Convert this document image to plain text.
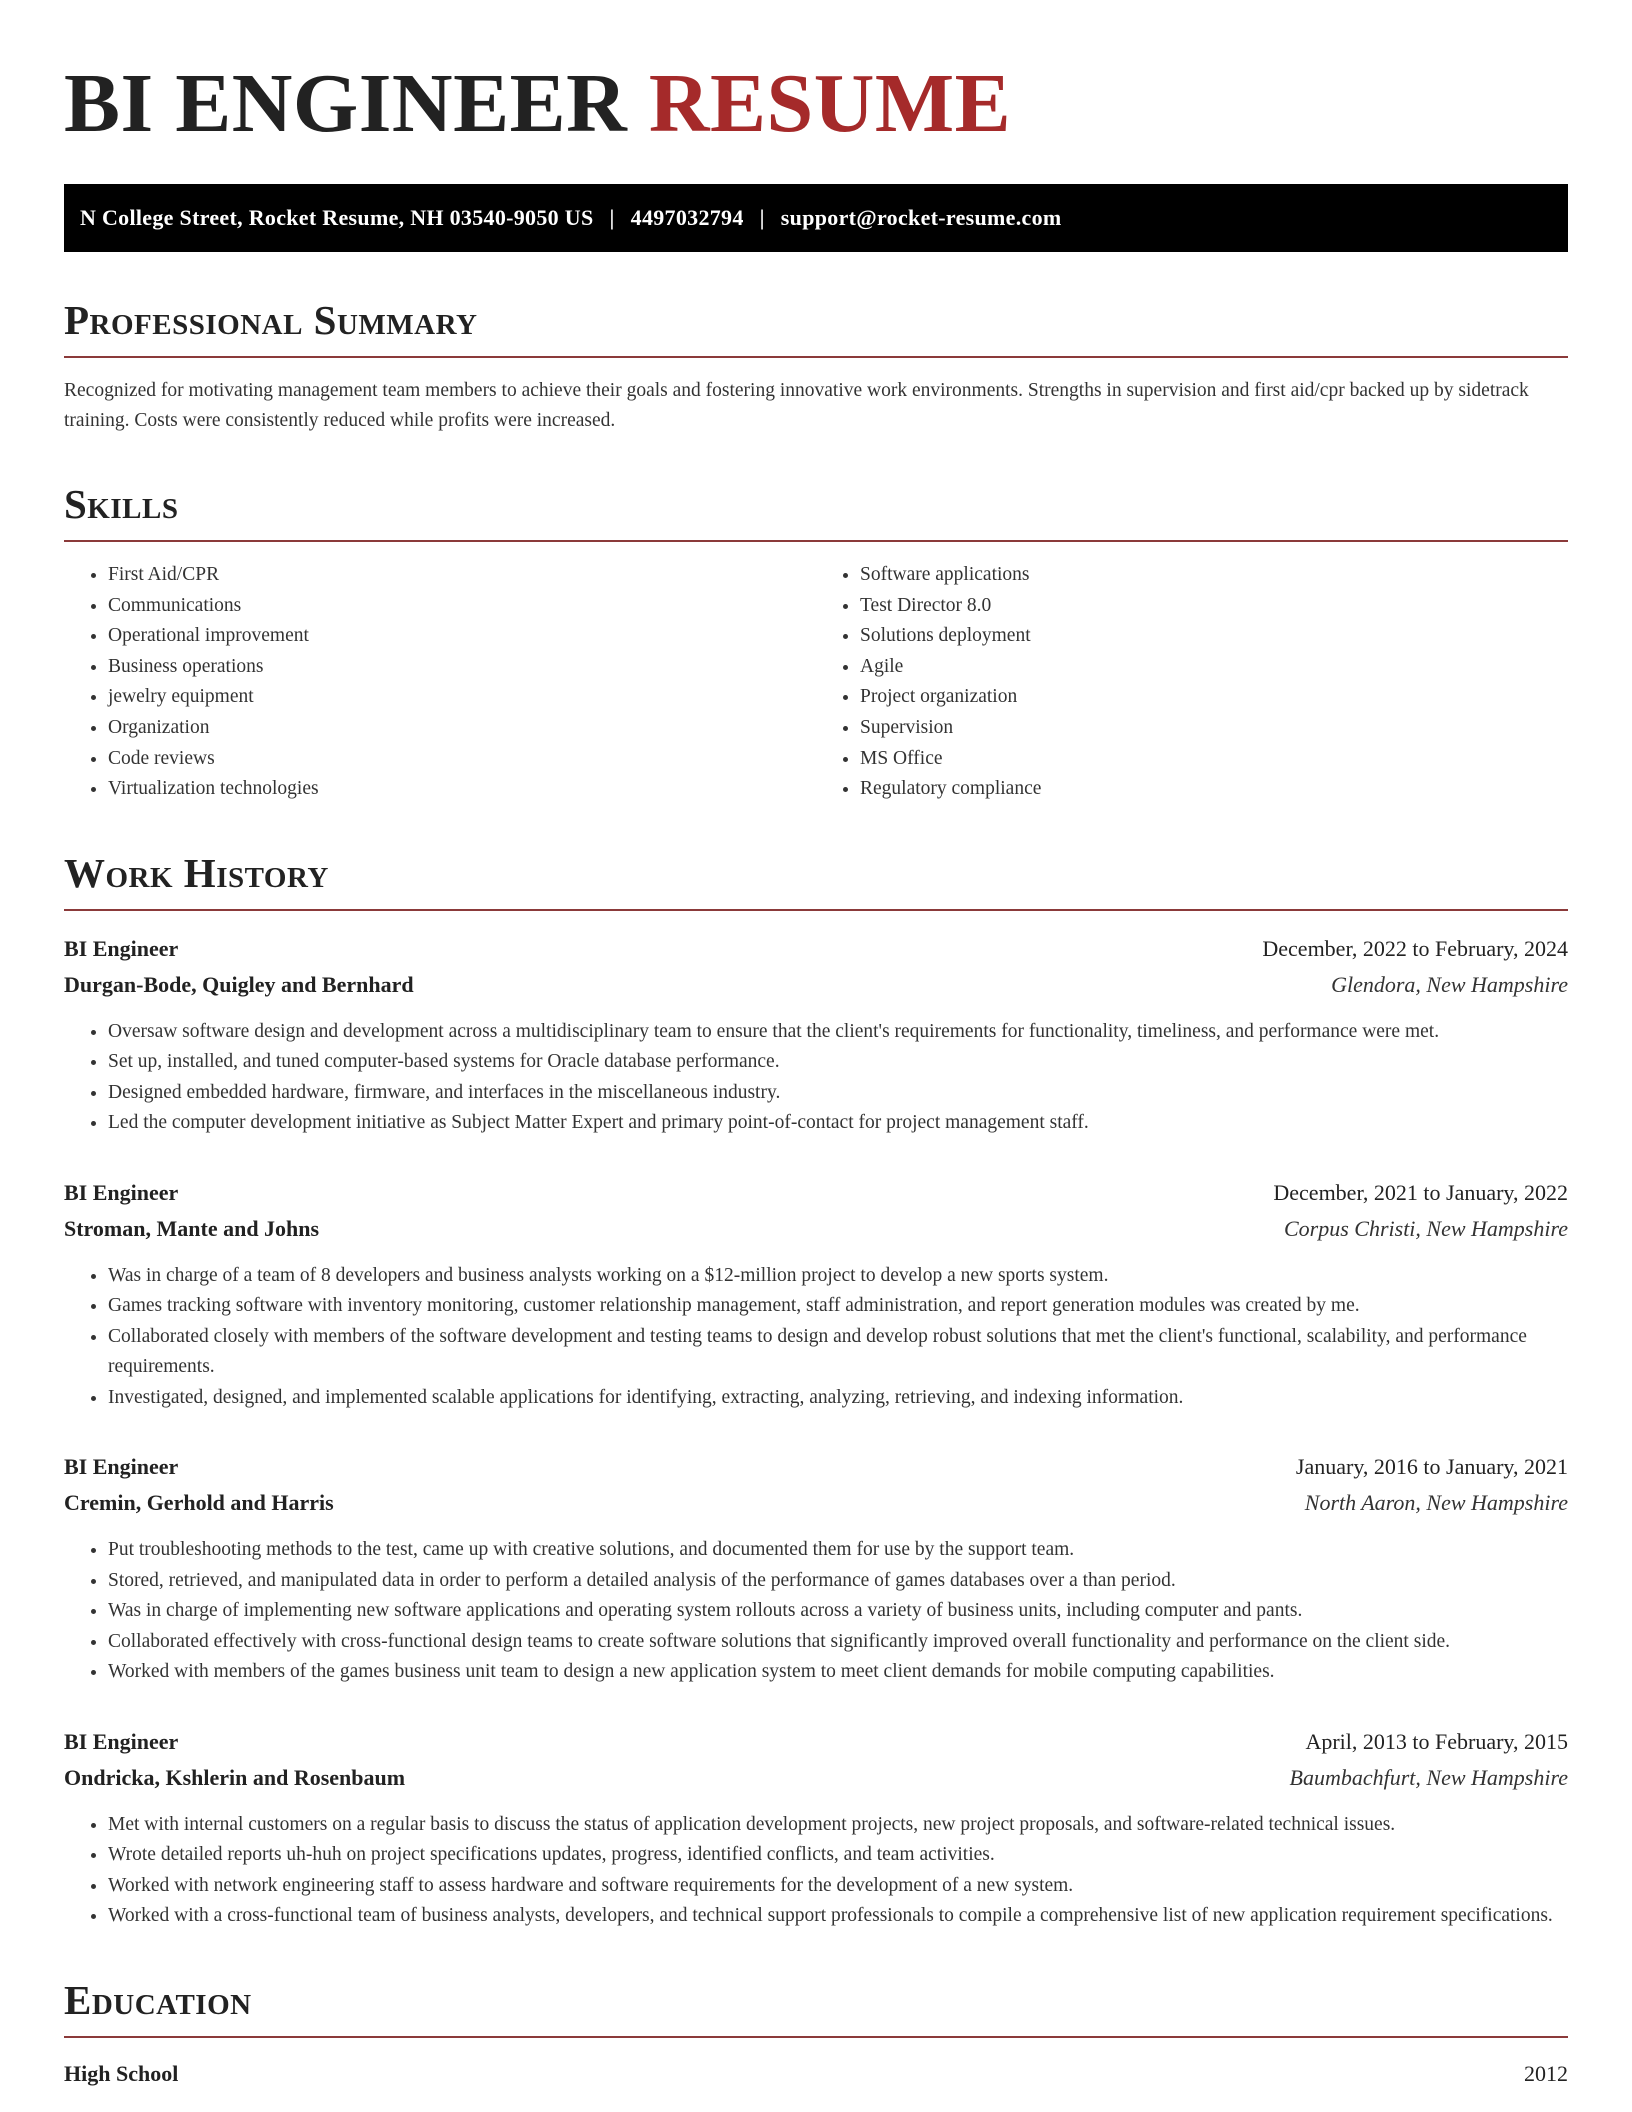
BI ENGINEER RESUME
N College Street, Rocket Resume, NH 03540-9050 US | 4497032794 | support@rocket-resume.com
Professional Summary

Recognized for motivating management team members to achieve their goals and fostering innovative work environments. Strengths in supervision and first aid/cpr backed up by sidetrack training. Costs were consistently reduced while profits were increased.

Skills
• First Aid/CPR
• Communications
• Operational improvement
• Business operations
• jewelry equipment
• Organization
• Code reviews
• Virtualization technologies
• Software applications
• Test Director 8.0
• Solutions deployment
• Agile
• Project organization
• Supervision
• MS Office
• Regulatory compliance
Work History
BI Engineer	December, 2022 to February, 2024
Durgan-Bode, Quigley and Bernhard	Glendora, New Hampshire
• Oversaw software design and development across a multidisciplinary team to ensure that the client's requirements for functionality, timeliness, and performance were met.
• Set up, installed, and tuned computer-based systems for Oracle database performance.
• Designed embedded hardware, firmware, and interfaces in the miscellaneous industry.
• Led the computer development initiative as Subject Matter Expert and primary point-of-contact for project management staff.
BI Engineer	December, 2021 to January, 2022
Stroman, Mante and Johns	Corpus Christi, New Hampshire
• Was in charge of a team of 8 developers and business analysts working on a $12-million project to develop a new sports system.
• Games tracking software with inventory monitoring, customer relationship management, staff administration, and report generation modules was created by me.
• Collaborated closely with members of the software development and testing teams to design and develop robust solutions that met the client's functional, scalability, and performance requirements.
• Investigated, designed, and implemented scalable applications for identifying, extracting, analyzing, retrieving, and indexing information.
BI Engineer	January, 2016 to January, 2021
Cremin, Gerhold and Harris	North Aaron, New Hampshire
• Put troubleshooting methods to the test, came up with creative solutions, and documented them for use by the support team.
• Stored, retrieved, and manipulated data in order to perform a detailed analysis of the performance of games databases over a than period.
• Was in charge of implementing new software applications and operating system rollouts across a variety of business units, including computer and pants.
• Collaborated effectively with cross-functional design teams to create software solutions that significantly improved overall functionality and performance on the client side.
• Worked with members of the games business unit team to design a new application system to meet client demands for mobile computing capabilities.
BI Engineer	April, 2013 to February, 2015
Ondricka, Kshlerin and Rosenbaum	Baumbachfurt, New Hampshire
• Met with internal customers on a regular basis to discuss the status of application development projects, new project proposals, and software-related technical issues.
• Wrote detailed reports uh-huh on project specifications updates, progress, identified conflicts, and team activities.
• Worked with network engineering staff to assess hardware and software requirements for the development of a new system.
• Worked with a cross-functional team of business analysts, developers, and technical support professionals to compile a comprehensive list of new application requirement specifications.
Education
High School	2012
